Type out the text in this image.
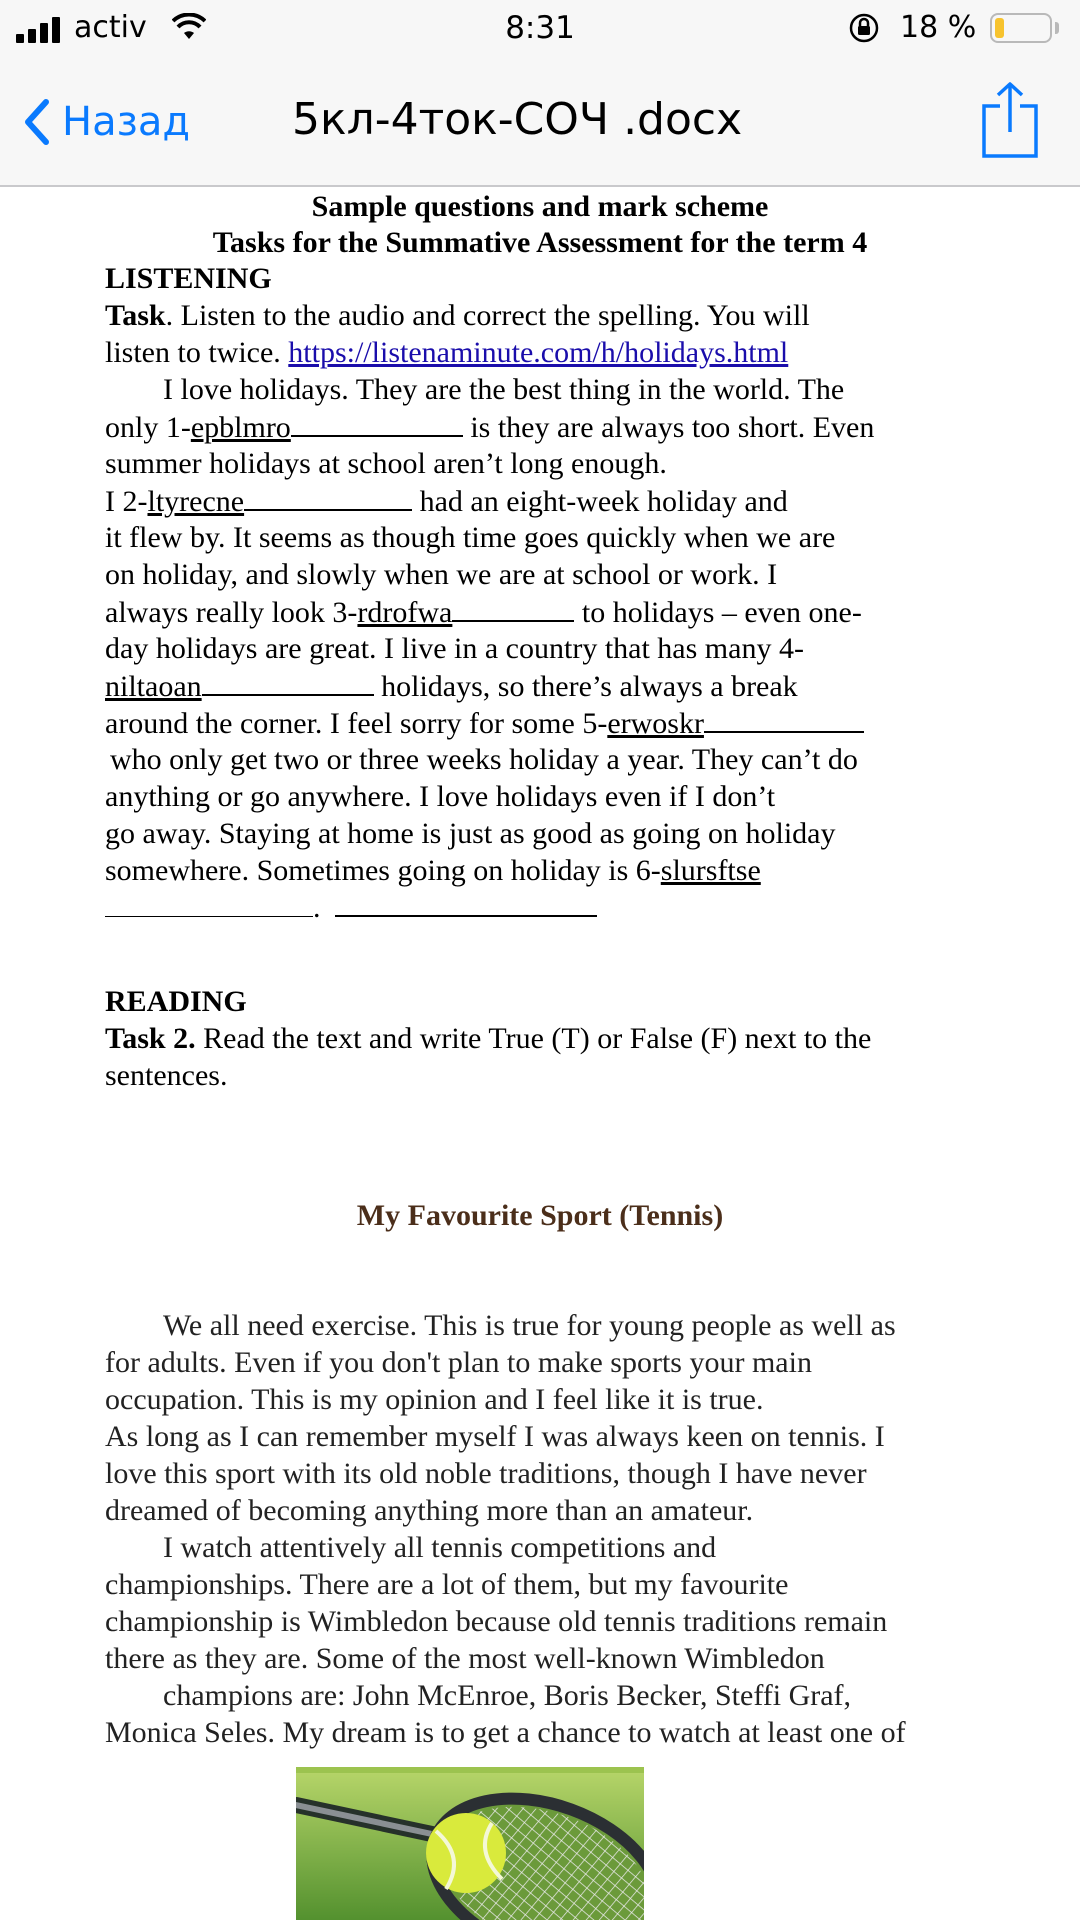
activ	8:31	18 %
Назад 5кл-4ток-СОЧ .docx
Sample questions and mark scheme
Tasks for the Summative Assessment for the term 4
LISTENING
Task. Listen to the audio and correct the spelling. You will
listen to twice. https://listenaminute.com/h/holidays.html
I love holidays. They are the best thing in the world. The
only 1-epblmro	is they are always too short. Even
summer holidays at school aren’t long enough.
I 2-ltyrecne	had an eight-week holiday and
it flew by. It seems as though time goes quickly when we are
on holiday, and slowly when we are at school or work. I
always really look 3-rdrofwa	to holidays – even one-
day holidays are great. I live in a country that has many 4-
niltaoan	holidays, so there’s always a break
around the corner. I feel sorry for some 5-erwoskr
who only get two or three weeks holiday a year. They can’t do
anything or go anywhere. I love holidays even if I don’t
go away. Staying at home is just as good as going on holiday
somewhere. Sometimes going on holiday is 6-slursftse
.
READING
Task 2. Read the text and write True (T) or False (F) next to the
sentences.
My Favourite Sport (Tennis)
We all need exercise. This is true for young people as well as
for adults. Even if you don't plan to make sports your main
occupation. This is my opinion and I feel like it is true.
As long as I can remember myself I was always keen on tennis. I
love this sport with its old noble traditions, though I have never
dreamed of becoming anything more than an amateur.
I watch attentively all tennis competitions and
championships. There are a lot of them, but my favourite
championship is Wimbledon because old tennis traditions remain
there as they are. Some of the most well-known Wimbledon
champions are: John McEnroe, Boris Becker, Steffi Graf,
Monica Seles. My dream is to get a chance to watch at least one of
